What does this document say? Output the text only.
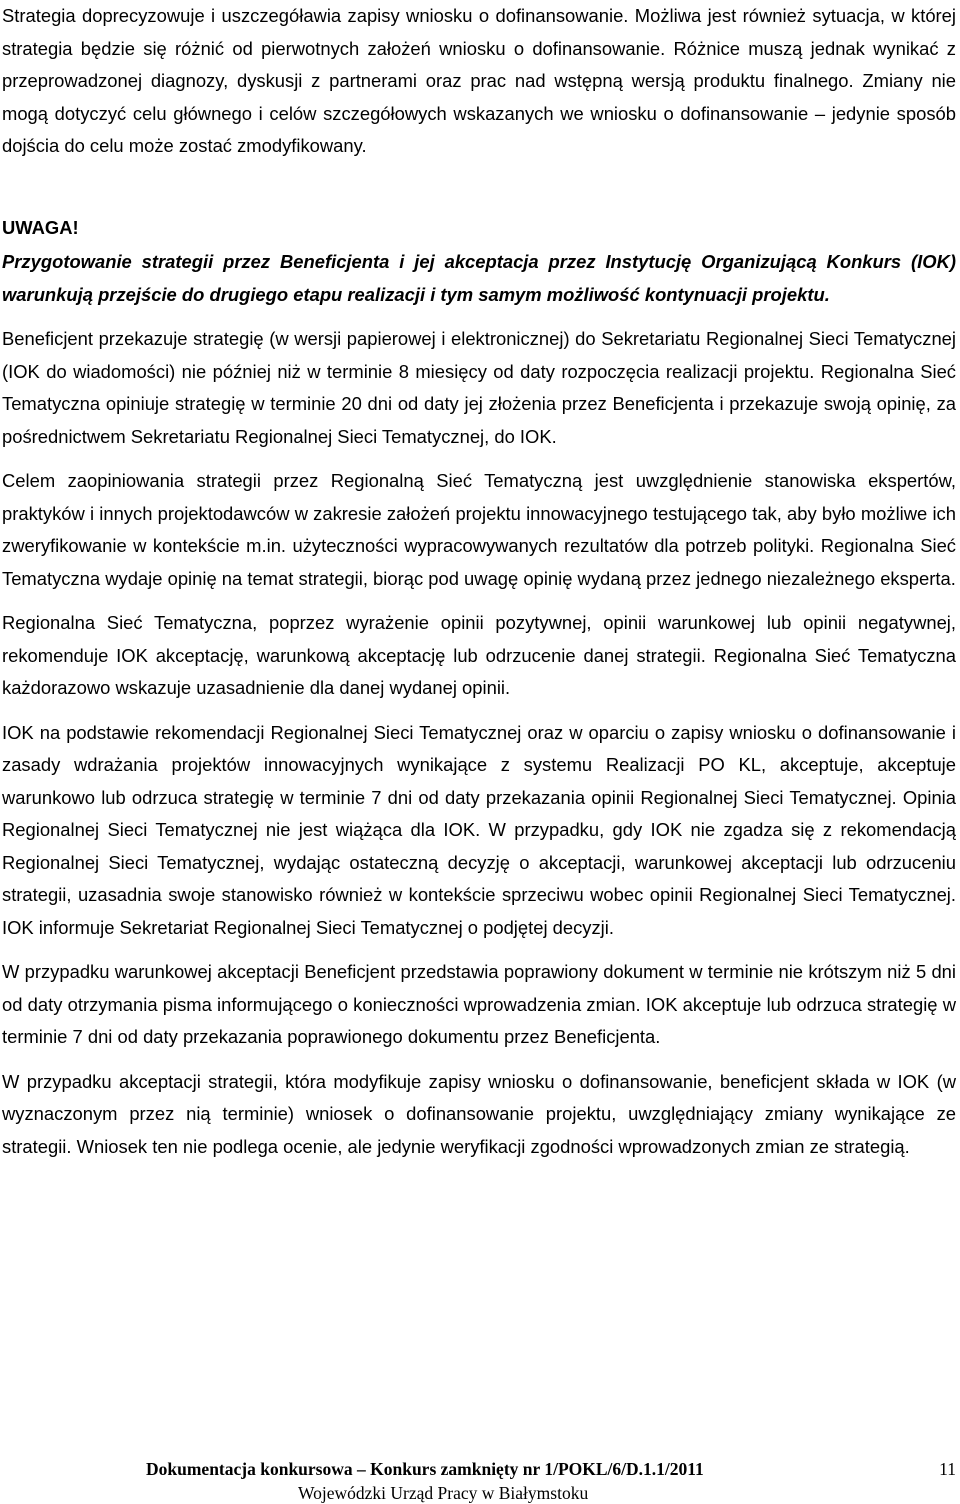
Strategia doprecyzowuje i uszczegóławia zapisy wniosku o dofinansowanie. Możliwa jest również sytuacja, w której strategia będzie się różnić od pierwotnych założeń wniosku o dofinansowanie. Różnice muszą jednak wynikać z przeprowadzonej diagnozy, dyskusji z partnerami oraz prac nad wstępną wersją produktu finalnego. Zmiany nie mogą dotyczyć celu głównego i celów szczegółowych wskazanych we wniosku o dofinansowanie – jedynie sposób dojścia do celu może zostać zmodyfikowany.

UWAGA!

Przygotowanie strategii przez Beneficjenta i jej akceptacja przez Instytucję Organizującą Konkurs (IOK) warunkują przejście do drugiego etapu realizacji i tym samym możliwość kontynuacji projektu.

Beneficjent przekazuje strategię (w wersji papierowej i elektronicznej) do Sekretariatu Regionalnej Sieci Tematycznej (IOK do wiadomości) nie później niż w terminie 8 miesięcy od daty rozpoczęcia realizacji projektu. Regionalna Sieć Tematyczna opiniuje strategię w terminie 20 dni od daty jej złożenia przez Beneficjenta i przekazuje swoją opinię, za pośrednictwem Sekretariatu Regionalnej Sieci Tematycznej, do IOK.

Celem zaopiniowania strategii przez Regionalną Sieć Tematyczną jest uwzględnienie stanowiska ekspertów, praktyków i innych projektodawców w zakresie założeń projektu innowacyjnego testującego tak, aby było możliwe ich zweryfikowanie w kontekście m.in. użyteczności wypracowywanych rezultatów dla potrzeb polityki. Regionalna Sieć Tematyczna wydaje opinię na temat strategii, biorąc pod uwagę opinię wydaną przez jednego niezależnego eksperta.

Regionalna Sieć Tematyczna, poprzez wyrażenie opinii pozytywnej, opinii warunkowej lub opinii negatywnej, rekomenduje IOK akceptację, warunkową akceptację lub odrzucenie danej strategii. Regionalna Sieć Tematyczna każdorazowo wskazuje uzasadnienie dla danej wydanej opinii.

IOK na podstawie rekomendacji Regionalnej Sieci Tematycznej oraz w oparciu o zapisy wniosku o dofinansowanie i zasady wdrażania projektów innowacyjnych wynikające z systemu Realizacji PO KL, akceptuje, akceptuje warunkowo lub odrzuca strategię w terminie 7 dni od daty przekazania opinii Regionalnej Sieci Tematycznej. Opinia Regionalnej Sieci Tematycznej nie jest wiążąca dla IOK. W przypadku, gdy IOK nie zgadza się z rekomendacją Regionalnej Sieci Tematycznej, wydając ostateczną decyzję o akceptacji, warunkowej akceptacji lub odrzuceniu strategii, uzasadnia swoje stanowisko również w kontekście sprzeciwu wobec opinii Regionalnej Sieci Tematycznej. IOK informuje Sekretariat Regionalnej Sieci Tematycznej o podjętej decyzji.

W przypadku warunkowej akceptacji Beneficjent przedstawia poprawiony dokument w terminie nie krótszym niż 5 dni od daty otrzymania pisma informującego o konieczności wprowadzenia zmian. IOK akceptuje lub odrzuca strategię w terminie 7 dni od daty przekazania poprawionego dokumentu przez Beneficjenta.

W przypadku akceptacji strategii, która modyfikuje zapisy wniosku o dofinansowanie, beneficjent składa w IOK (w wyznaczonym przez nią terminie) wniosek o dofinansowanie projektu, uwzględniający zmiany wynikające ze strategii. Wniosek ten nie podlega ocenie, ale jedynie weryfikacji zgodności wprowadzonych zmian ze strategią.

Dokumentacja konkursowa – Konkurs zamknięty nr 1/POKL/6/D.1.1/2011	11
Wojewódzki Urząd Pracy w Białymstoku
